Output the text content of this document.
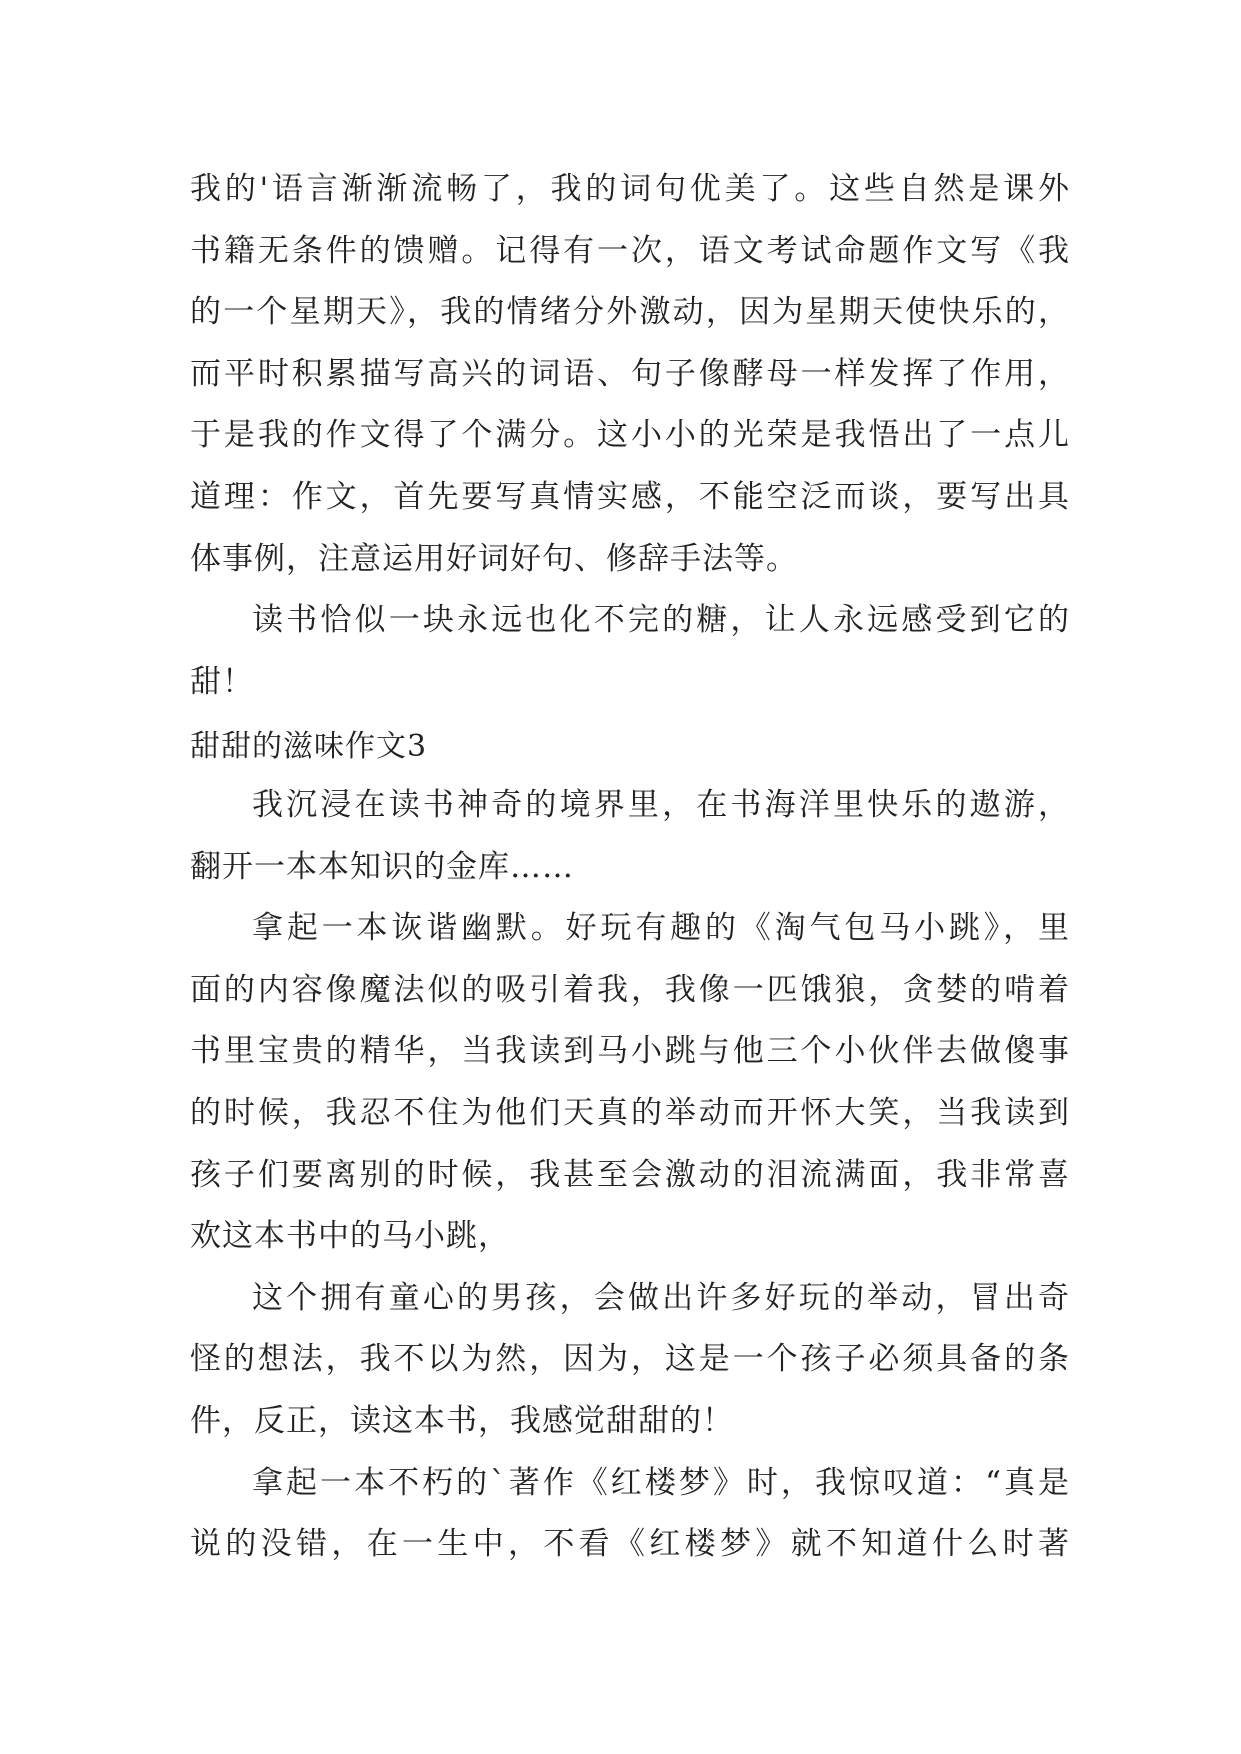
我的'语言渐渐流畅了，我的词句优美了。这些自然是课外
书籍无条件的馈赠。记得有一次，语文考试命题作文写《我
的一个星期天》，我的情绪分外激动，因为星期天使快乐的，
而平时积累描写高兴的词语、句子像酵母一样发挥了作用，
于是我的作文得了个满分。这小小的光荣是我悟出了一点儿
道理：作文，首先要写真情实感，不能空泛而谈，要写出具
体事例，注意运用好词好句、修辞手法等。
读书恰似一块永远也化不完的糖，让人永远感受到它的
甜！
甜甜的滋味作文3
我沉浸在读书神奇的境界里，在书海洋里快乐的遨游，
翻开一本本知识的金库……
拿起一本诙谐幽默。好玩有趣的《淘气包马小跳》，里
面的内容像魔法似的吸引着我，我像一匹饿狼，贪婪的啃着
书里宝贵的精华，当我读到马小跳与他三个小伙伴去做傻事
的时候，我忍不住为他们天真的举动而开怀大笑，当我读到
孩子们要离别的时候，我甚至会激动的泪流满面，我非常喜
欢这本书中的马小跳，
这个拥有童心的男孩，会做出许多好玩的举动，冒出奇
怪的想法，我不以为然，因为，这是一个孩子必须具备的条
件，反正，读这本书，我感觉甜甜的！
拿起一本不朽的`著作《红楼梦》时，我惊叹道：“真是
说的没错，在一生中，不看《红楼梦》就不知道什么时著
